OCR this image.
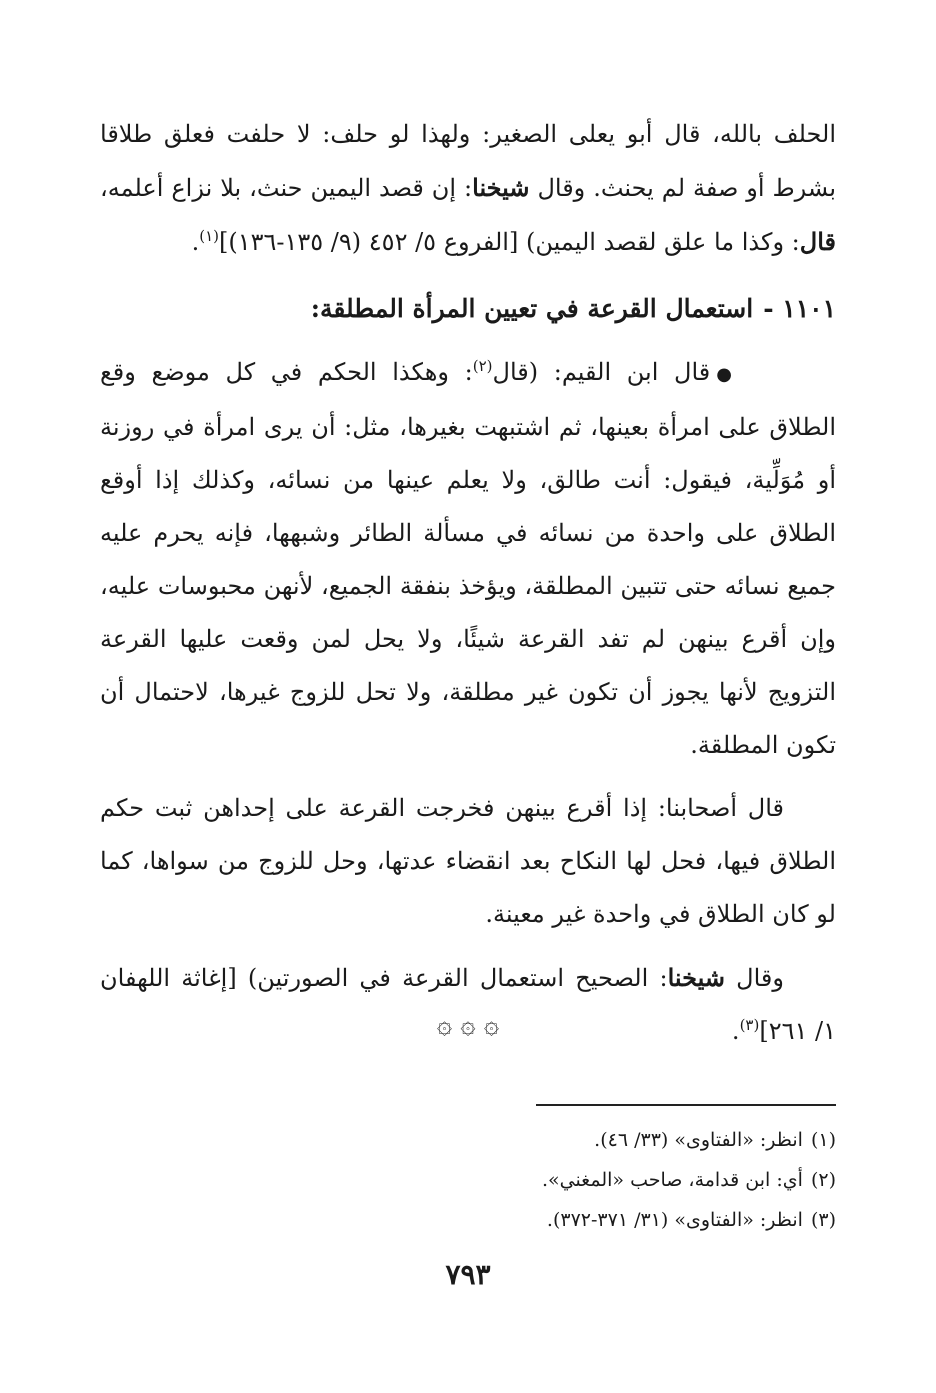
الحلف بالله، قال أبو يعلى الصغير: ولهذا لو حلف: لا حلفت فعلق طلاقا بشرط أو صفة لم يحنث. وقال شيخنا: إن قصد اليمين حنث، بلا نزاع أعلمه، قال: وكذا ما علق لقصد اليمين) [الفروع ٥/ ٤٥٢ (٩/ ١٣٥-١٣٦)]$^{(١)}$.

١١٠١ -استعمال القرعة في تعيين المرأة المطلقة:

●قال ابن القيم: (قال$^{(٢)}$: وهكذا الحكم في كل موضع وقع الطلاق على امرأة بعينها، ثم اشتبهت بغيرها، مثل: أن يرى امرأة في روزنة أو مُوَلِّية، فيقول: أنت طالق، ولا يعلم عينها من نسائه، وكذلك إذا أوقع الطلاق على واحدة من نسائه في مسألة الطائر وشبهها، فإنه يحرم عليه جميع نسائه حتى تتبين المطلقة، ويؤخذ بنفقة الجميع، لأنهن محبوسات عليه، وإن أقرع بينهن لم تفد القرعة شيئًا، ولا يحل لمن وقعت عليها القرعة التزويج لأنها يجوز أن تكون غير مطلقة، ولا تحل للزوج غيرها، لاحتمال أن تكون المطلقة.

قال أصحابنا: إذا أقرع بينهن فخرجت القرعة على إحداهن ثبت حكم الطلاق فيها، فحل لها النكاح بعد انقضاء عدتها، وحل للزوج من سواها، كما لو كان الطلاق في واحدة غير معينة.

وقال شيخنا: الصحيح استعمال القرعة في الصورتين) [إغاثة اللهفان ١/ ٢٦١]$^{(٣)}$.

۞ ۞ ۞

(١)انظر: «الفتاوى» (٣٣/ ٤٦).

(٢)أي: ابن قدامة، صاحب «المغني».

(٣)انظر: «الفتاوى» (٣١/ ٣٧١-٣٧٢).

٧٩٣
